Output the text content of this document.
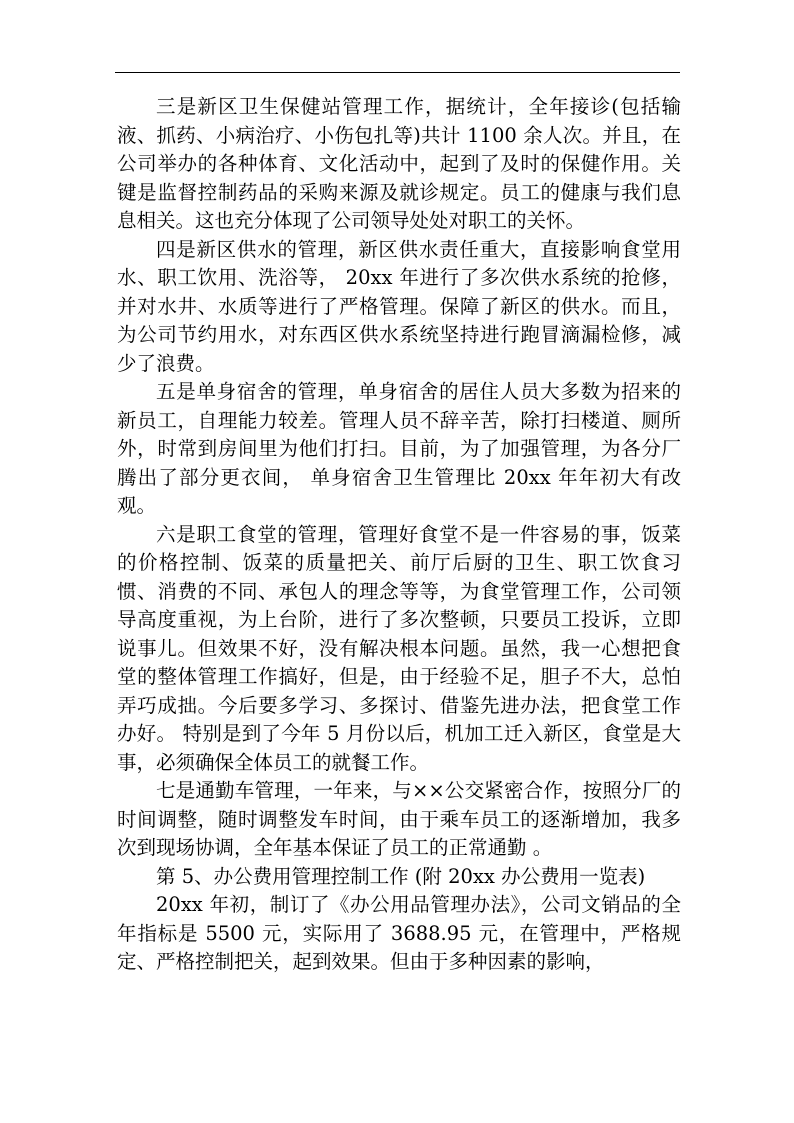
三是新区卫生保健站管理工作，据统计，全年接诊(包括输液、抓药、小病治疗、小伤包扎等)共计 1100 余人次。并且，在公司举办的各种体育、文化活动中，起到了及时的保健作用。关键是监督控制药品的采购来源及就诊规定。员工的健康与我们息息相关。这也充分体现了公司领导处处对职工的关怀。

四是新区供水的管理，新区供水责任重大，直接影响食堂用水、职工饮用、洗浴等， 20xx 年进行了多次供水系统的抢修，并对水井、水质等进行了严格管理。保障了新区的供水。而且，为公司节约用水，对东西区供水系统坚持进行跑冒滴漏检修，减少了浪费。

五是单身宿舍的管理，单身宿舍的居住人员大多数为招来的新员工，自理能力较差。管理人员不辞辛苦，除打扫楼道、厕所外，时常到房间里为他们打扫。目前，为了加强管理，为各分厂腾出了部分更衣间， 单身宿舍卫生管理比 20xx 年年初大有改观。

六是职工食堂的管理，管理好食堂不是一件容易的事，饭菜的价格控制、饭菜的质量把关、前厅后厨的卫生、职工饮食习惯、消费的不同、承包人的理念等等，为食堂管理工作，公司领导高度重视，为上台阶，进行了多次整顿，只要员工投诉，立即说事儿。但效果不好，没有解决根本问题。虽然，我一心想把食堂的整体管理工作搞好，但是，由于经验不足，胆子不大，总怕弄巧成拙。今后要多学习、多探讨、借鉴先进办法，把食堂工作办好。 特别是到了今年 5 月份以后，机加工迁入新区，食堂是大事，必须确保全体员工的就餐工作。

七是通勤车管理，一年来，与××公交紧密合作，按照分厂的时间调整，随时调整发车时间，由于乘车员工的逐渐增加，我多次到现场协调，全年基本保证了员工的正常通勤 。

第 5、办公费用管理控制工作 (附 20xx 办公费用一览表)

20xx 年初，制订了《办公用品管理办法》，公司文销品的全年指标是 5500 元，实际用了 3688.95 元，在管理中，严格规定、严格控制把关，起到效果。但由于多种因素的影响，
